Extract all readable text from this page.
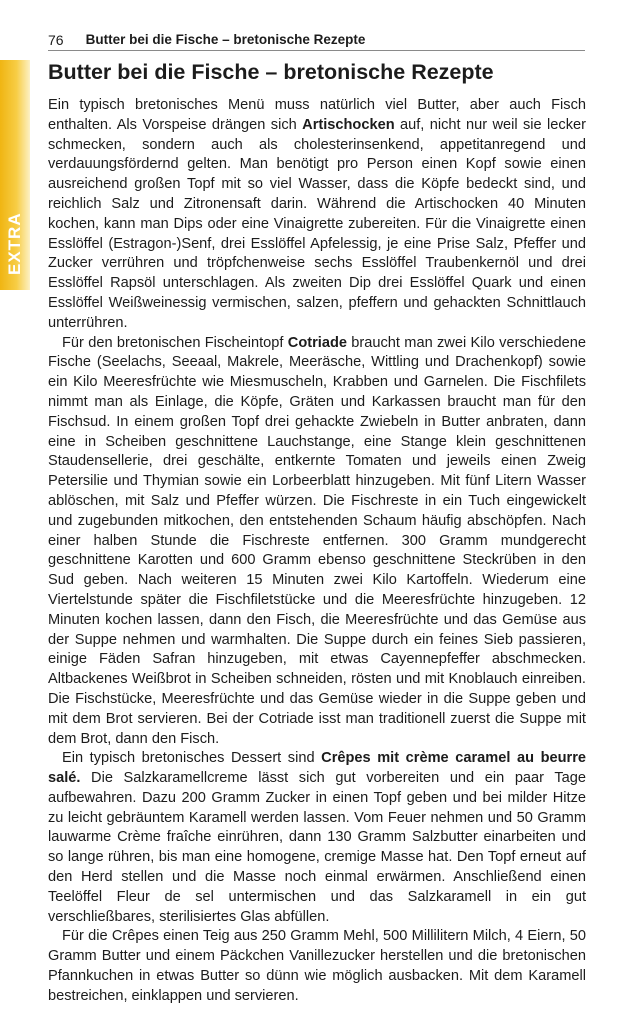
76 Butter bei die Fische – bretonische Rezepte
Butter bei die Fische – bretonische Rezepte

Ein typisch bretonisches Menü muss natürlich viel Butter, aber auch Fisch enthalten. Als Vorspeise drängen sich Artischocken auf, nicht nur weil sie lecker schmecken, sondern auch als cholesterinsenkend, appetitanregend und verdauungsfördernd gelten. Man benötigt pro Person einen Kopf sowie einen ausreichend großen Topf mit so viel Wasser, dass die Köpfe bedeckt sind, und reichlich Salz und Zitronensaft darin. Während die Artischocken 40 Minuten kochen, kann man Dips oder eine Vinaigrette zubereiten. Für die Vinaigrette einen Esslöffel (Estragon-)Senf, drei Esslöffel Apfelessig, je eine Prise Salz, Pfeffer und Zucker verrühren und tröpfchenweise sechs Esslöffel Traubenkernöl und drei Esslöffel Rapsöl unterschlagen. Als zweiten Dip drei Esslöffel Quark und einen Esslöffel Weißweinessig vermischen, salzen, pfeffern und gehackten Schnittlauch unterrühren.

Für den bretonischen Fischeintopf Cotriade braucht man zwei Kilo verschiedene Fische (Seelachs, Seeaal, Makrele, Meeräsche, Wittling und Drachenkopf) sowie ein Kilo Meeresfrüchte wie Miesmuscheln, Krabben und Garnelen. Die Fischfilets nimmt man als Einlage, die Köpfe, Gräten und Karkassen braucht man für den Fischsud. In einem großen Topf drei gehackte Zwiebeln in Butter anbraten, dann eine in Scheiben geschnittene Lauchstange, eine Stange klein geschnittenen Staudensellerie, drei geschälte, entkernte Tomaten und jeweils einen Zweig Petersilie und Thymian sowie ein Lorbeerblatt hinzugeben. Mit fünf Litern Wasser ablöschen, mit Salz und Pfeffer würzen. Die Fischreste in ein Tuch eingewickelt und zugebunden mitkochen, den entstehenden Schaum häufig abschöpfen. Nach einer halben Stunde die Fischreste entfernen. 300 Gramm mundgerecht geschnittene Karotten und 600 Gramm ebenso geschnittene Steckrüben in den Sud geben. Nach weiteren 15 Minuten zwei Kilo Kartoffeln. Wiederum eine Viertelstunde später die Fischfiletstücke und die Meeresfrüchte hinzugeben. 12 Minuten kochen lassen, dann den Fisch, die Meeresfrüchte und das Gemüse aus der Suppe nehmen und warmhalten. Die Suppe durch ein feines Sieb passieren, einige Fäden Safran hinzugeben, mit etwas Cayennepfeffer abschmecken. Altbackenes Weißbrot in Scheiben schneiden, rösten und mit Knoblauch einreiben. Die Fischstücke, Meeresfrüchte und das Gemüse wieder in die Suppe geben und mit dem Brot servieren. Bei der Cotriade isst man traditionell zuerst die Suppe mit dem Brot, dann den Fisch.

Ein typisch bretonisches Dessert sind Crêpes mit crème caramel au beurre salé. Die Salzkaramellcreme lässt sich gut vorbereiten und ein paar Tage aufbewahren. Dazu 200 Gramm Zucker in einen Topf geben und bei milder Hitze zu leicht gebräuntem Karamell werden lassen. Vom Feuer nehmen und 50 Gramm lauwarme Crème fraîche einrühren, dann 130 Gramm Salzbutter einarbeiten und so lange rühren, bis man eine homogene, cremige Masse hat. Den Topf erneut auf den Herd stellen und die Masse noch einmal erwärmen. Anschließend einen Teelöffel Fleur de sel untermischen und das Salzkaramell in ein gut verschließbares, sterilisiertes Glas abfüllen.

Für die Crêpes einen Teig aus 250 Gramm Mehl, 500 Millilitern Milch, 4 Eiern, 50 Gramm Butter und einem Päckchen Vanillezucker herstellen und die bretonischen Pfannkuchen in etwas Butter so dünn wie möglich ausbacken. Mit dem Karamell bestreichen, einklappen und servieren.
